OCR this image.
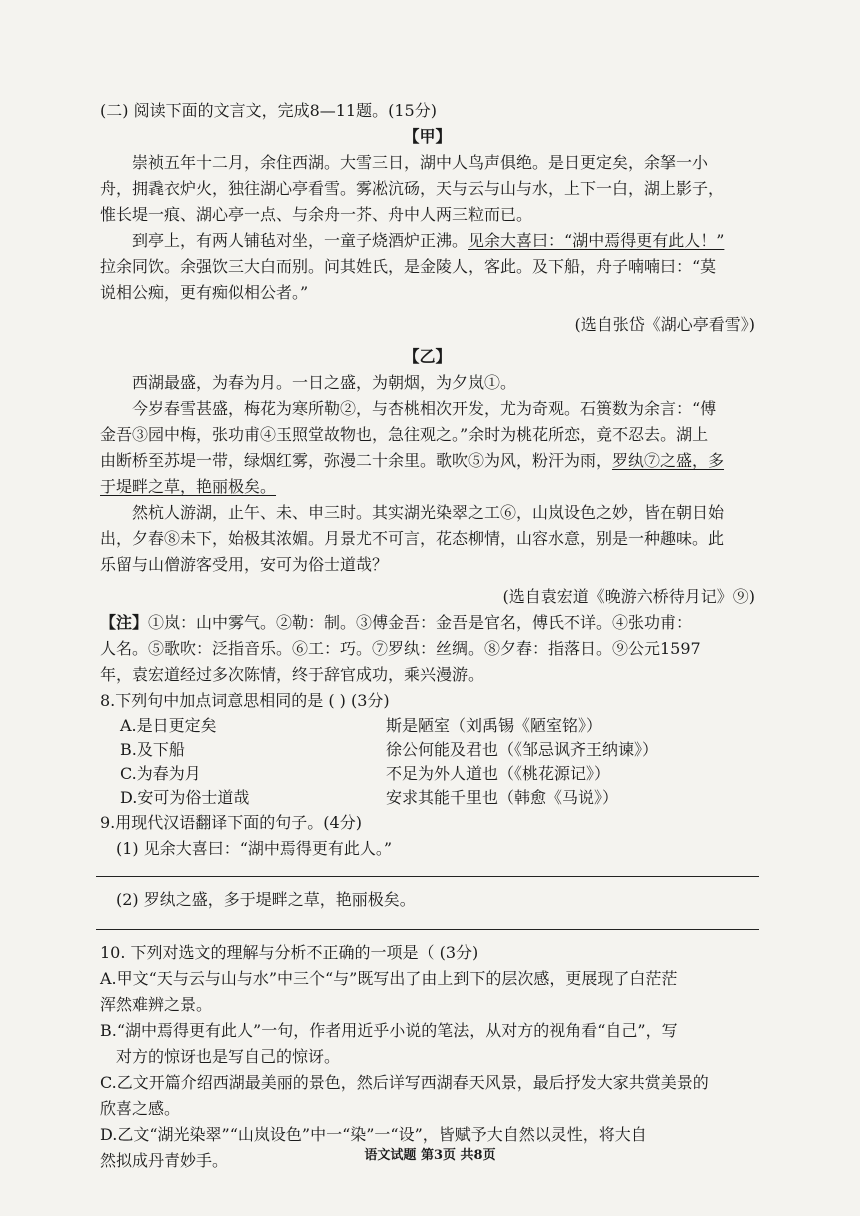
(二) 阅读下面的文言文，完成8—11题。(15分)
【甲】
崇祯五年十二月，余住西湖。大雪三日，湖中人鸟声俱绝。是日更定矣，余拏一小
舟，拥毳衣炉火，独往湖心亭看雪。雾凇沆砀，天与云与山与水，上下一白，湖上影子，
惟长堤一痕、湖心亭一点、与余舟一芥、舟中人两三粒而已。
到亭上，有两人铺毡对坐，一童子烧酒炉正沸。见余大喜曰：“湖中焉得更有此人！”
拉余同饮。余强饮三大白而别。问其姓氏，是金陵人，客此。及下船，舟子喃喃曰：“莫
说相公痴，更有痴似相公者。”
(选自张岱《湖心亭看雪》)
【乙】
西湖最盛，为春为月。一日之盛，为朝烟，为夕岚①。
今岁春雪甚盛，梅花为寒所勒②，与杏桃相次开发，尤为奇观。石篑数为余言：“傅
金吾③园中梅，张功甫④玉照堂故物也，急往观之。”余时为桃花所恋，竟不忍去。湖上
由断桥至苏堤一带，绿烟红雾，弥漫二十余里。歌吹⑤为风，粉汗为雨，罗纨⑦之盛，多
于堤畔之草，艳丽极矣。
然杭人游湖，止午、未、申三时。其实湖光染翠之工⑥，山岚设色之妙，皆在朝日始
出，夕舂⑧未下，始极其浓媚。月景尤不可言，花态柳情，山容水意，别是一种趣味。此
乐留与山僧游客受用，安可为俗士道哉？
(选自袁宏道《晚游六桥待月记》⑨)
【注】①岚：山中雾气。②勒：制。③傅金吾：金吾是官名，傅氏不详。④张功甫：
人名。⑤歌吹：泛指音乐。⑥工：巧。⑦罗纨：丝绸。⑧夕舂：指落日。⑨公元1597
年，袁宏道经过多次陈情，终于辞官成功，乘兴漫游。
8.下列句中加点词意思相同的是 ( ) (3分)
A.是日更定矣	斯是陋室（刘禹锡《陋室铭》）
B.及下船	徐公何能及君也（《邹忌讽齐王纳谏》）
C.为春为月	不足为外人道也（《桃花源记》）
D.安可为俗士道哉	安求其能千里也（韩愈《马说》）
9.用现代汉语翻译下面的句子。(4分)
(1) 见余大喜曰：“湖中焉得更有此人。”
(2) 罗纨之盛，多于堤畔之草，艳丽极矣。
10. 下列对选文的理解与分析不正确的一项是（ (3分)
A.甲文“天与云与山与水”中三个“与”既写出了由上到下的层次感，更展现了白茫茫
浑然难辨之景。
B.“湖中焉得更有此人”一句，作者用近乎小说的笔法，从对方的视角看“自己”，写
对方的惊讶也是写自己的惊讶。
C.乙文开篇介绍西湖最美丽的景色，然后详写西湖春天风景，最后抒发大家共赏美景的
欣喜之感。
D.乙文“湖光染翠”“山岚设色”中一“染”一“设”，皆赋予大自然以灵性，将大自
然拟成丹青妙手。	语文试题 第3页 共8页
